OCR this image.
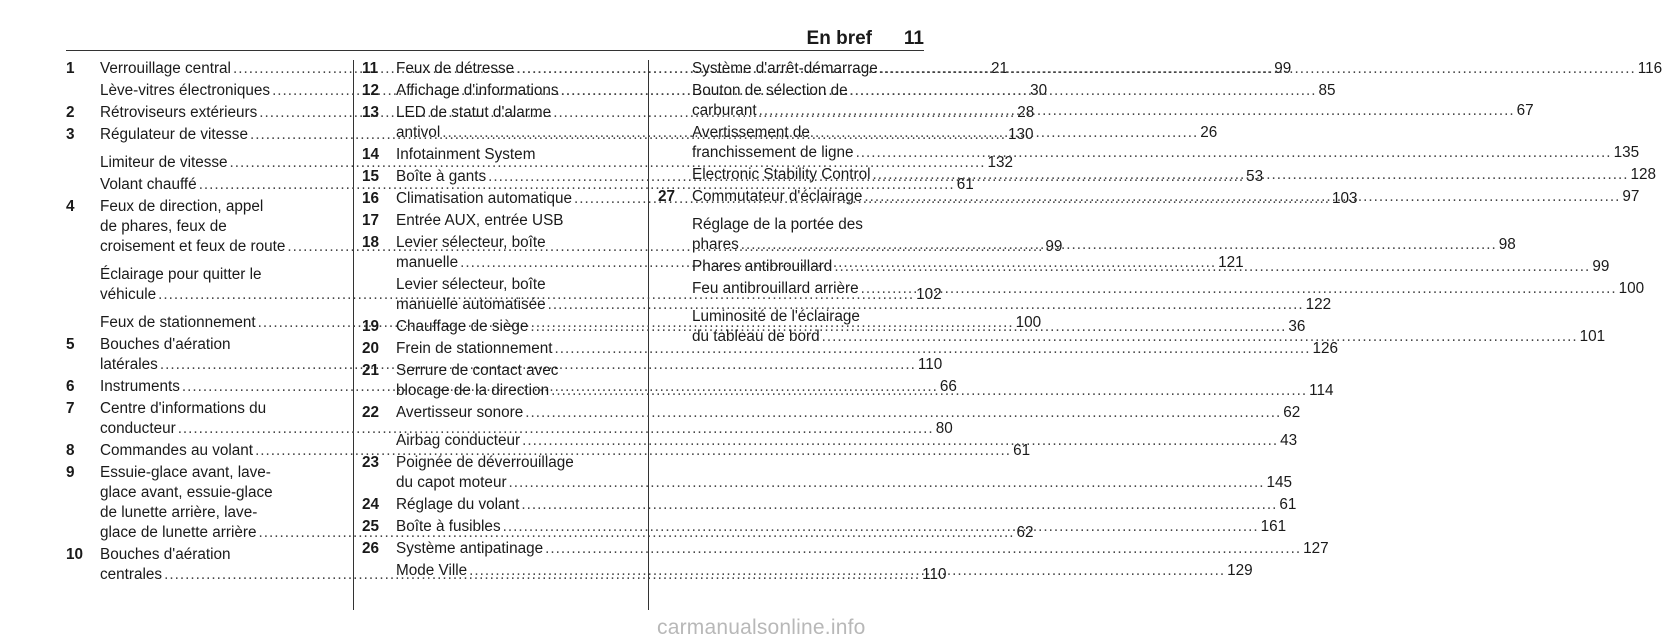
En bref 11
1	Verrouillage central .....	21
Lève-vitres électroniques .....	30
2	Rétroviseurs extérieurs .....	28
3	Régulateur de vitesse .....	130
Limiteur de vitesse .....	132
Volant chauffé .....	61
4	Feux de direction, appel
de phares, feux de
croisement et feux de route .....	99
Éclairage pour quitter le
véhicule .....	102
Feux de stationnement .....	100
5	Bouches d'aération
latérales .....	110
6	Instruments .....	66
7	Centre d'informations du
conducteur .....	80
8	Commandes au volant .....	61
9	Essuie-glace avant, lave-
glace avant, essuie-glace
de lunette arrière, lave-
glace de lunette arrière .....	62
10	Bouches d'aération
centrales .....	110
11	Feux de détresse .....	99
12	Affichage d'informations .....	85
13	LED de statut d'alarme
antivol .....	26
14	Infotainment System
15	Boîte à gants .....	53
16	Climatisation automatique .....	103
17	Entrée AUX, entrée USB
18	Levier sélecteur, boîte
manuelle .....	121
Levier sélecteur, boîte
manuelle automatisée .....	122
19	Chauffage de siège .....	36
20	Frein de stationnement .....	126
21	Serrure de contact avec
blocage de la direction .....	114
22	Avertisseur sonore .....	62
Airbag conducteur .....	43
23	Poignée de déverrouillage
du capot moteur .....	145
24	Réglage du volant .....	61
25	Boîte à fusibles .....	161
26	Système antipatinage .....	127
Mode Ville .....	129
Système d'arrêt-démarrage .....	116
Bouton de sélection de
carburant .....	67
Avertissement de
franchissement de ligne .....	135
Electronic Stability Control .....	128
27	Commutateur d'éclairage .....	97
Réglage de la portée des
phares .....	98
Phares antibrouillard .....	99
Feu antibrouillard arrière .....	100
Luminosité de l'éclairage
du tableau de bord .....	101
carmanualsonline.info
